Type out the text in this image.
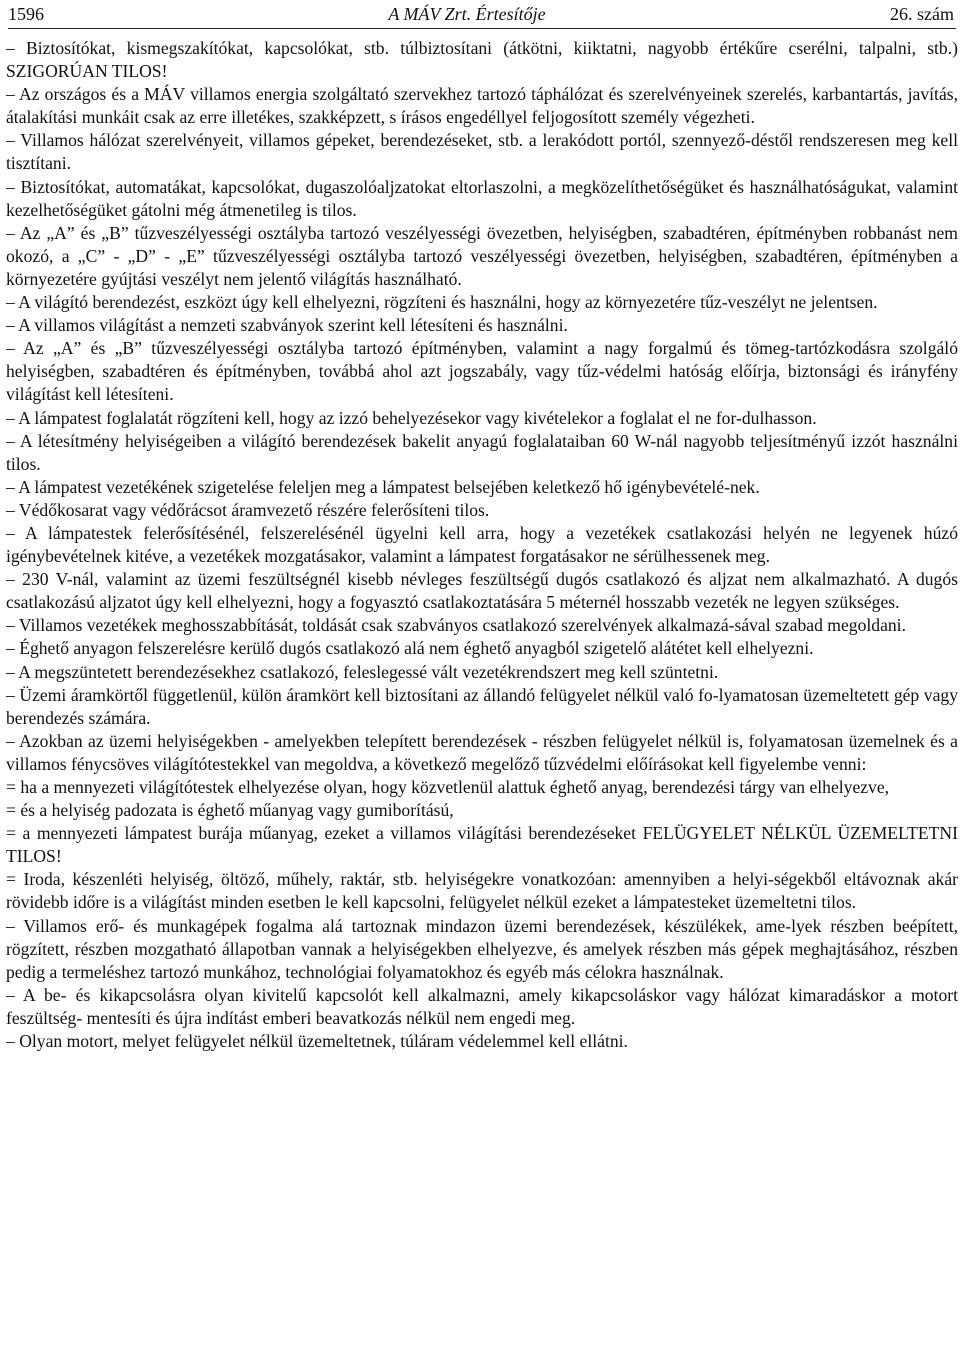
1596	A MÁV Zrt. Értesítője	26. szám

– Biztosítókat, kismegszakítókat, kapcsolókat, stb. túlbiztosítani (átkötni, kiiktatni, nagyobb értékűre cserélni, talpalni, stb.) SZIGORÚAN TILOS!

– Az országos és a MÁV villamos energia szolgáltató szervekhez tartozó táphálózat és szerelvényeinek szerelés, karbantartás, javítás, átalakítási munkáit csak az erre illetékes, szakképzett, s írásos engedéllyel feljogosított személy végezheti.

– Villamos hálózat szerelvényeit, villamos gépeket, berendezéseket, stb. a lerakódott portól, szennyező-déstől rendszeresen meg kell tisztítani.

– Biztosítókat, automatákat, kapcsolókat, dugaszolóaljzatokat eltorlaszolni, a megközelíthetőségüket és használhatóságukat, valamint kezelhetőségüket gátolni még átmenetileg is tilos.

– Az „A” és „B” tűzveszélyességi osztályba tartozó veszélyességi övezetben, helyiségben, szabadtéren, építményben robbanást nem okozó, a „C” - „D” - „E” tűzveszélyességi osztályba tartozó veszélyességi övezetben, helyiségben, szabadtéren, építményben a környezetére gyújtási veszélyt nem jelentő világítás használható.

– A világító berendezést, eszközt úgy kell elhelyezni, rögzíteni és használni, hogy az környezetére tűz-veszélyt ne jelentsen.

– A villamos világítást a nemzeti szabványok szerint kell létesíteni és használni.

– Az „A” és „B” tűzveszélyességi osztályba tartozó építményben, valamint a nagy forgalmú és tömeg-tartózkodásra szolgáló helyiségben, szabadtéren és építményben, továbbá ahol azt jogszabály, vagy tűz-védelmi hatóság előírja, biztonsági és irányfény világítást kell létesíteni.

– A lámpatest foglalatát rögzíteni kell, hogy az izzó behelyezésekor vagy kivételekor a foglalat el ne for-dulhasson.

– A létesítmény helyiségeiben a világító berendezések bakelit anyagú foglalataiban 60 W-nál nagyobb teljesítményű izzót használni tilos.

– A lámpatest vezetékének szigetelése feleljen meg a lámpatest belsejében keletkező hő igénybevételé-nek.

– Védőkosarat vagy védőrácsot áramvezető részére felerősíteni tilos.

– A lámpatestek felerősítésénél, felszerelésénél ügyelni kell arra, hogy a vezetékek csatlakozási helyén ne legyenek húzó igénybevételnek kitéve, a vezetékek mozgatásakor, valamint a lámpatest forgatásakor ne sérülhessenek meg.

– 230 V-nál, valamint az üzemi feszültségnél kisebb névleges feszültségű dugós csatlakozó és aljzat nem alkalmazható. A dugós csatlakozású aljzatot úgy kell elhelyezni, hogy a fogyasztó csatlakoztatására 5 méternél hosszabb vezeték ne legyen szükséges.

– Villamos vezetékek meghosszabbítását, toldását csak szabványos csatlakozó szerelvények alkalmazá-sával szabad megoldani.

– Éghető anyagon felszerelésre kerülő dugós csatlakozó alá nem éghető anyagból szigetelő alátétet kell elhelyezni.

– A megszüntetett berendezésekhez csatlakozó, feleslegessé vált vezetékrendszert meg kell szüntetni.

– Üzemi áramkörtől függetlenül, külön áramkört kell biztosítani az állandó felügyelet nélkül való fo-lyamatosan üzemeltetett gép vagy berendezés számára.

– Azokban az üzemi helyiségekben - amelyekben telepített berendezések - részben felügyelet nélkül is, folyamatosan üzemelnek és a villamos fénycsöves világítótestekkel van megoldva, a következő megelőző tűzvédelmi előírásokat kell figyelembe venni:

= ha a mennyezeti világítótestek elhelyezése olyan, hogy közvetlenül alattuk éghető anyag, berendezési tárgy van elhelyezve,

= és a helyiség padozata is éghető műanyag vagy gumiborítású,

= a mennyezeti lámpatest burája műanyag, ezeket a villamos világítási berendezéseket FELÜGYELET NÉLKÜL ÜZEMELTETNI TILOS!

= Iroda, készenléti helyiség, öltöző, műhely, raktár, stb. helyiségekre vonatkozóan: amennyiben a helyi-ségekből eltávoznak akár rövidebb időre is a világítást minden esetben le kell kapcsolni, felügyelet nélkül ezeket a lámpatesteket üzemeltetni tilos.

– Villamos erő- és munkagépek fogalma alá tartoznak mindazon üzemi berendezések, készülékek, ame-lyek részben beépített, rögzített, részben mozgatható állapotban vannak a helyiségekben elhelyezve, és amelyek részben más gépek meghajtásához, részben pedig a termeléshez tartozó munkához, technológiai folyamatokhoz és egyéb más célokra használnak.

– A be- és kikapcsolásra olyan kivitelű kapcsolót kell alkalmazni, amely kikapcsoláskor vagy hálózat kimaradáskor a motort feszültség- mentesíti és újra indítást emberi beavatkozás nélkül nem engedi meg.

– Olyan motort, melyet felügyelet nélkül üzemeltetnek, túláram védelemmel kell ellátni.
